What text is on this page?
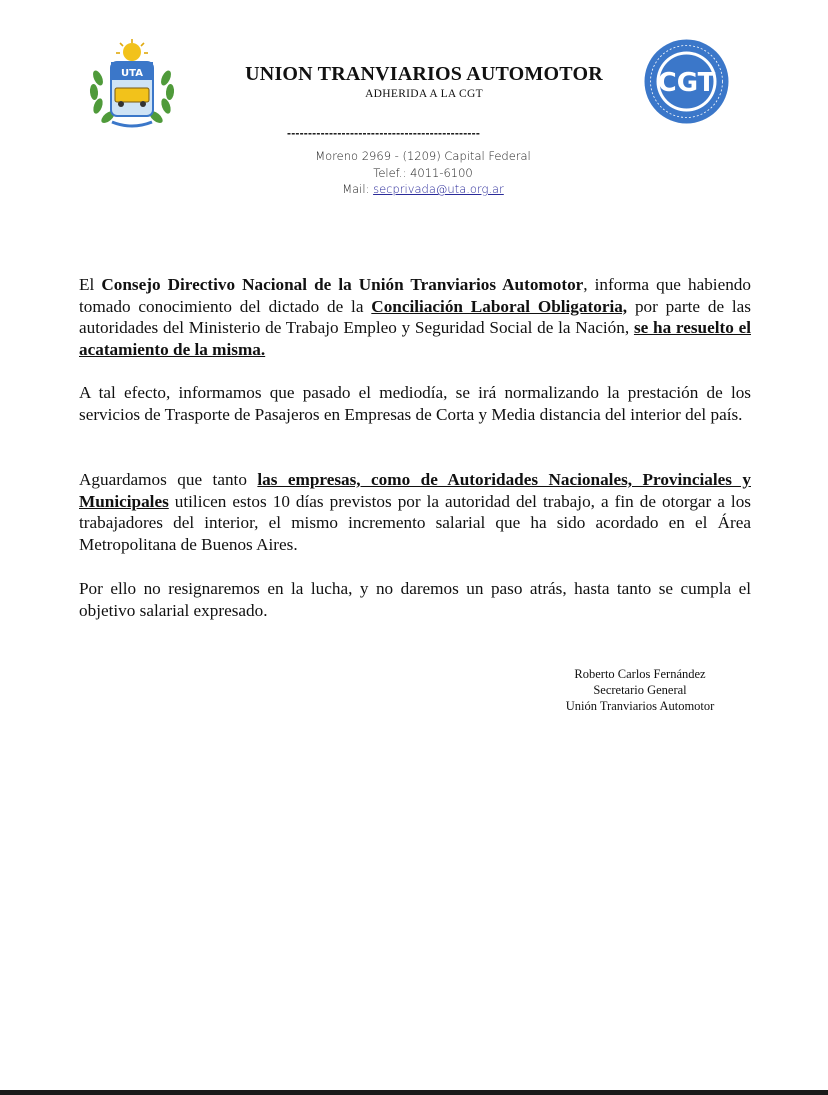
UTA	UNION TRANVIARIOS AUTOMOTOR
ADHERIDA A LA CGT	CGT
----------------------------------------------
Moreno 2969 - (1209) Capital Federal
Telef.: 4011-6100
Mail: secprivada@uta.org.ar

El Consejo Directivo Nacional de la Unión Tranviarios Automotor, informa que habiendo tomado conocimiento del dictado de la Conciliación Laboral Obligatoria, por parte de las autoridades del Ministerio de Trabajo Empleo y Seguridad Social de la Nación, se ha resuelto el acatamiento de la misma.

A tal efecto, informamos que pasado el mediodía, se irá normalizando la prestación de los servicios de Trasporte de Pasajeros en Empresas de Corta y Media distancia del interior del país.

Aguardamos que tanto las empresas, como de Autoridades Nacionales, Provinciales y Municipales utilicen estos 10 días previstos por la autoridad del trabajo, a fin de otorgar a los trabajadores del interior, el mismo incremento salarial que ha sido acordado en el Área Metropolitana de Buenos Aires.

Por ello no resignaremos en la lucha, y no daremos un paso atrás, hasta tanto se cumpla el objetivo salarial expresado.

Roberto Carlos Fernández
Secretario General
Unión Tranviarios Automotor
